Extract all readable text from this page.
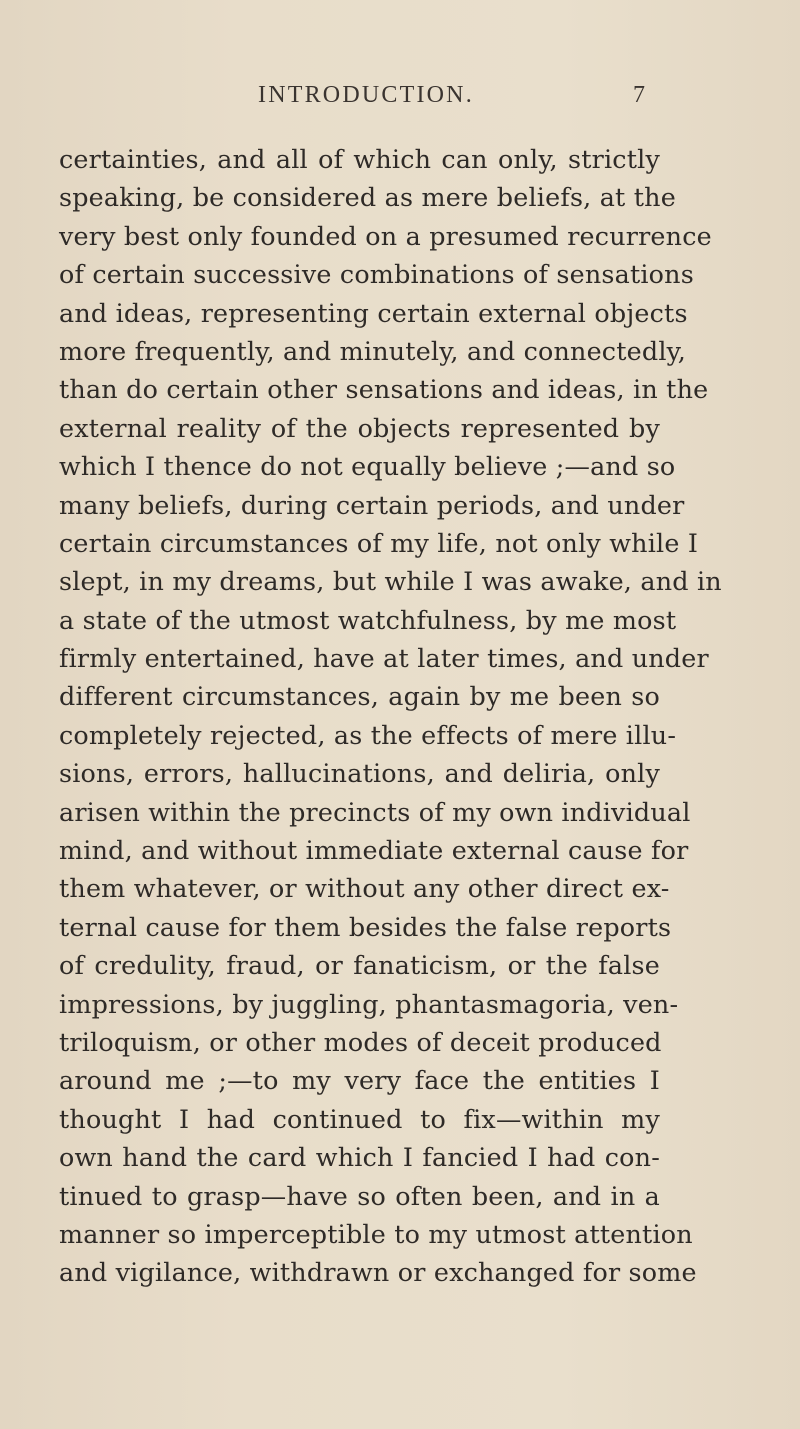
INTRODUCTION.	7
certainties, and all of which can only, strictly
speaking, be considered as mere beliefs, at the
very best only founded on a presumed recurrence
of certain successive combinations of sensations
and ideas, representing certain external objects
more frequently, and minutely, and connectedly,
than do certain other sensations and ideas, in the
external reality of the objects represented by
which I thence do not equally believe ;—and so
many beliefs, during certain periods, and under
certain circumstances of my life, not only while I
slept, in my dreams, but while I was awake, and in
a state of the utmost watchfulness, by me most
firmly entertained, have at later times, and under
different circumstances, again by me been so
completely rejected, as the effects of mere illu-
sions, errors, hallucinations, and deliria, only
arisen within the precincts of my own individual
mind, and without immediate external cause for
them whatever, or without any other direct ex-
ternal cause for them besides the false reports
of credulity, fraud, or fanaticism, or the false
impressions, by juggling, phantasmagoria, ven-
triloquism, or other modes of deceit produced
around me ;—to my very face the entities I
thought I had continued to fix—within my
own hand the card which I fancied I had con-
tinued to grasp—have so often been, and in a
manner so imperceptible to my utmost attention
and vigilance, withdrawn or exchanged for some
